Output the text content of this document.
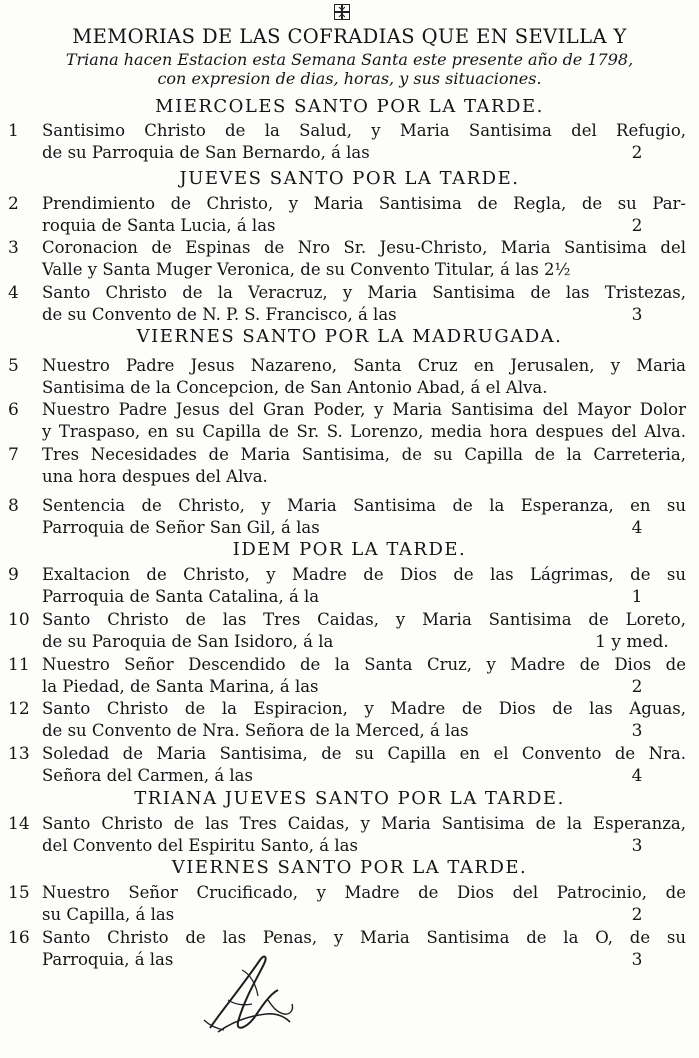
MEMORIAS DE LAS COFRADIAS QUE EN SEVILLA Y
Triana hacen Estacion esta Semana Santa este presente año de 1798,
con expresion de dias, horas, y sus situaciones.
MIERCOLES SANTO POR LA TARDE.
1	Santisimo Christo de la Salud, y Maria Santisima del Refugio,
de su Parroquia de San Bernardo, á las	2
JUEVES SANTO POR LA TARDE.
2	Prendimiento de Christo, y Maria Santisima de Regla, de su Par-
roquia de Santa Lucia, á las	2
3	Coronacion de Espinas de Nro Sr. Jesu-Christo, Maria Santisima del
Valle y Santa Muger Veronica, de su Convento Titular, á las 2½
4	Santo Christo de la Veracruz, y Maria Santisima de las Tristezas,
de su Convento de N. P. S. Francisco, á las	3
VIERNES SANTO POR LA MADRUGADA.
5	Nuestro Padre Jesus Nazareno, Santa Cruz en Jerusalen, y Maria
Santisima de la Concepcion, de San Antonio Abad, á el Alva.
6	Nuestro Padre Jesus del Gran Poder, y Maria Santisima del Mayor Dolor
y Traspaso, en su Capilla de Sr. S. Lorenzo, media hora despues del Alva.
7	Tres Necesidades de Maria Santisima, de su Capilla de la Carreteria,
una hora despues del Alva.
8	Sentencia de Christo, y Maria Santisima de la Esperanza, en su
Parroquia de Señor San Gil, á las	4
IDEM POR LA TARDE.
9	Exaltacion de Christo, y Madre de Dios de las Lágrimas, de su
Parroquia de Santa Catalina, á la	1
10 Santo Christo de las Tres Caidas, y Maria Santisima de Loreto,
de su Paroquia de San Isidoro, á la	1 y med.
11 Nuestro Señor Descendido de la Santa Cruz, y Madre de Dios de
la Piedad, de Santa Marina, á las	2
12 Santo Christo de la Espiracion, y Madre de Dios de las Aguas,
de su Convento de Nra. Señora de la Merced, á las	3
13 Soledad de Maria Santisima, de su Capilla en el Convento de Nra.
Señora del Carmen, á las	4
TRIANA JUEVES SANTO POR LA TARDE.
14 Santo Christo de las Tres Caidas, y Maria Santisima de la Esperanza,
del Convento del Espiritu Santo, á las	3
VIERNES SANTO POR LA TARDE.
15 Nuestro Señor Crucificado, y Madre de Dios del Patrocinio, de
su Capilla, á las	2
16 Santo Christo de las Penas, y Maria Santisima de la O, de su
Parroquia, á las	3
